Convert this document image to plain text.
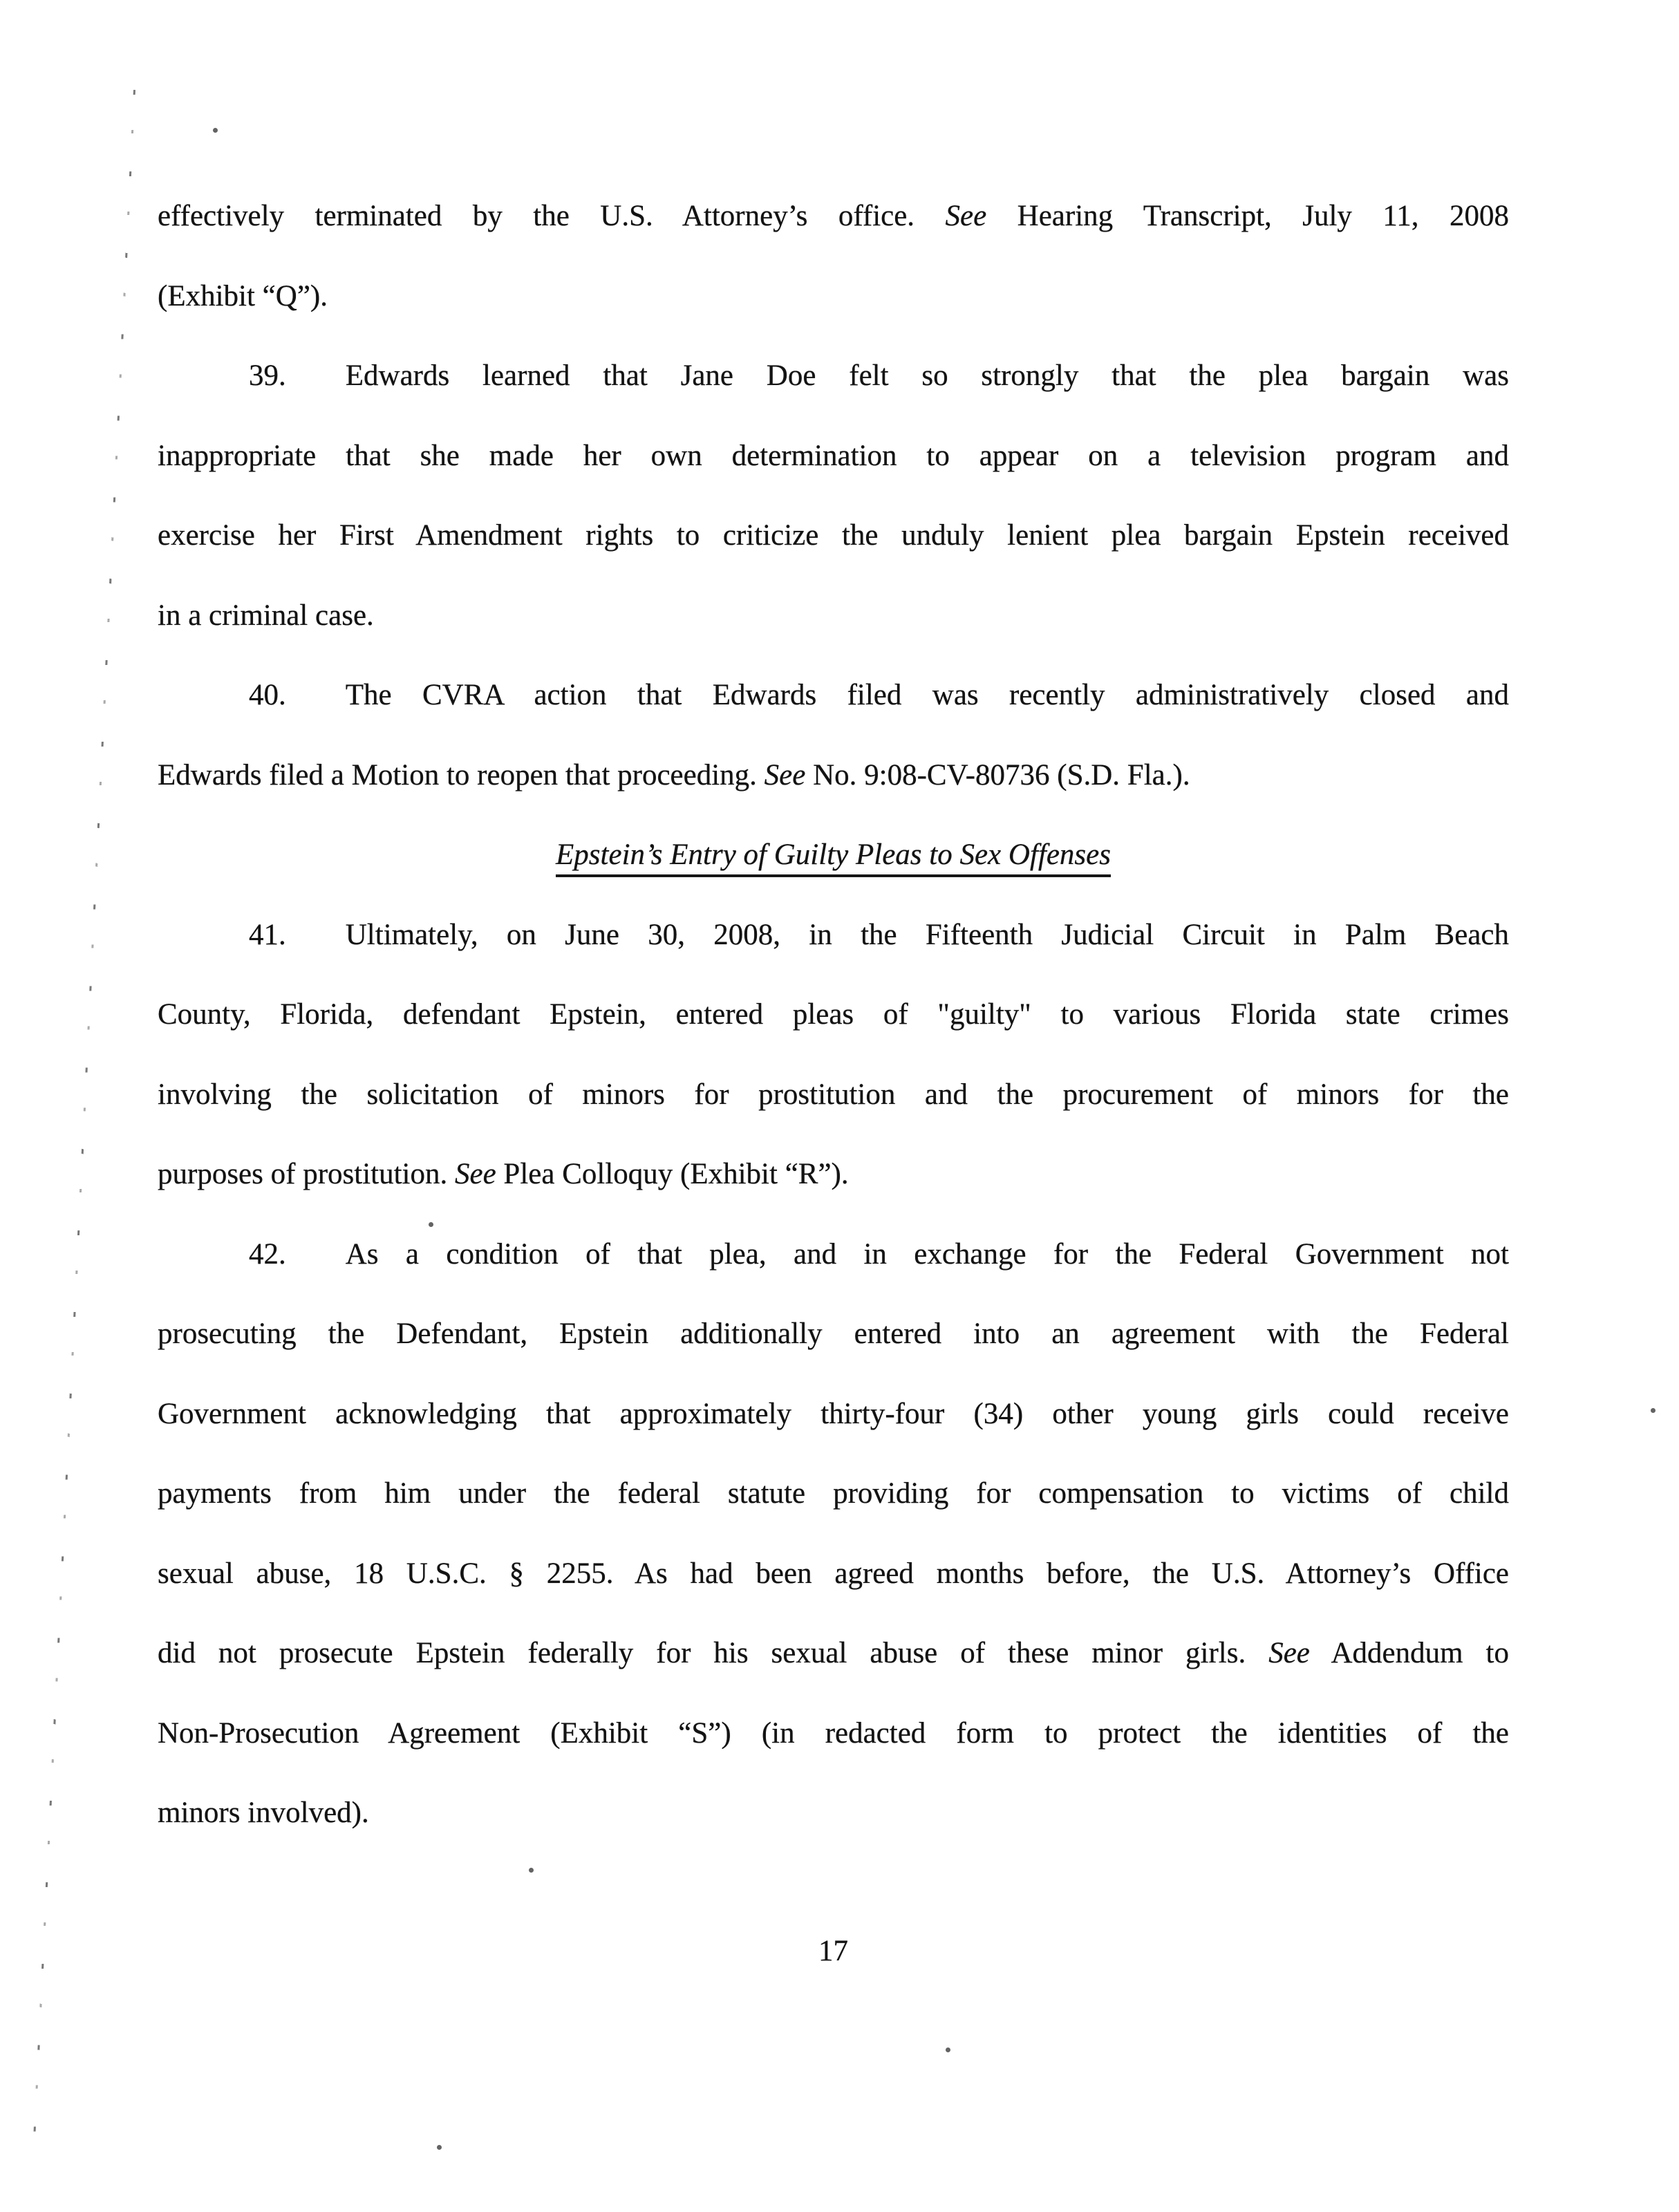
effectively terminated by the U.S. Attorney’s office. See Hearing Transcript, July 11, 2008
(Exhibit “Q”).
39.  Edwards learned that Jane Doe felt so strongly that the plea bargain was
inappropriate that she made her own determination to appear on a television program and
exercise her First Amendment rights to criticize the unduly lenient plea bargain Epstein received
in a criminal case.
40.  The CVRA action that Edwards filed was recently administratively closed and
Edwards filed a Motion to reopen that proceeding. See No. 9:08-CV-80736 (S.D. Fla.).
Epstein’s Entry of Guilty Pleas to Sex Offenses
41.  Ultimately, on June 30, 2008, in the Fifteenth Judicial Circuit in Palm Beach
County, Florida, defendant Epstein, entered pleas of "guilty" to various Florida state crimes
involving the solicitation of minors for prostitution and the procurement of minors for the
purposes of prostitution. See Plea Colloquy (Exhibit “R”).
42.  As a condition of that plea, and in exchange for the Federal Government not
prosecuting the Defendant, Epstein additionally entered into an agreement with the Federal
Government acknowledging that approximately thirty-four (34) other young girls could receive
payments from him under the federal statute providing for compensation to victims of child
sexual abuse, 18 U.S.C. § 2255. As had been agreed months before, the U.S. Attorney’s Office
did not prosecute Epstein federally for his sexual abuse of these minor girls. See Addendum to
Non-Prosecution Agreement (Exhibit “S”) (in redacted form to protect the identities of the
minors involved).
17
